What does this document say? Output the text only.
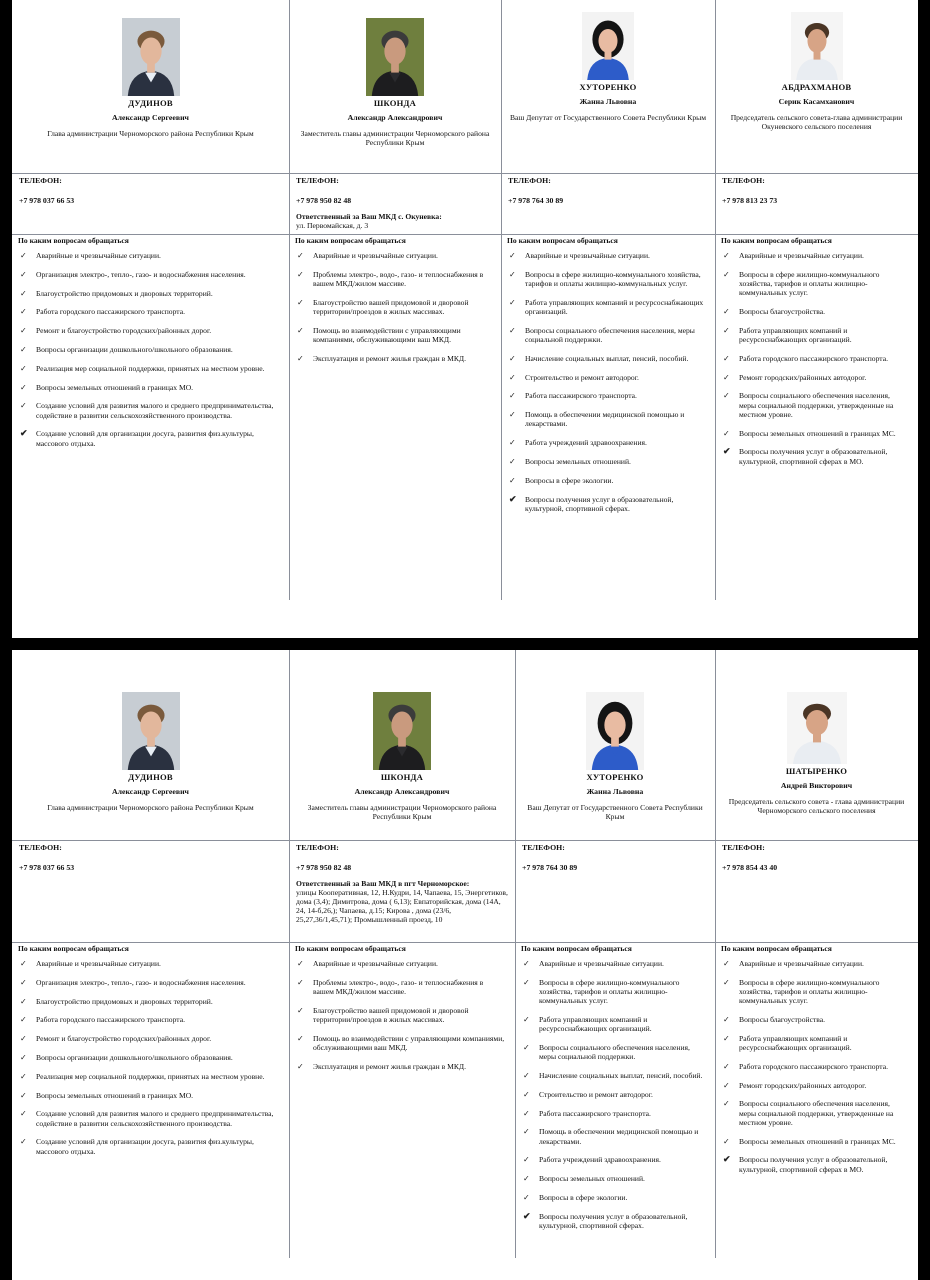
ДУДИНОВ
Александр Сергеевич
Глава администрации Черноморского района Республики Крым
ТЕЛЕФОН:
+7 978 037 66 53
По каким вопросам обращаться
✓ Аварийные и чрезвычайные ситуации.
✓ Организация электро-, тепло-, газо- и водоснабжения населения.
✓ Благоустройство придомовых и дворовых территорий.
✓ Работа городского пассажирского транспорта.
✓ Ремонт и благоустройство городских/районных дорог.
✓ Вопросы организации дошкольного/школьного образования.
✓ Реализация мер социальной поддержки, принятых на местном уровне.
✓ Вопросы земельных отношений в границах МО.
✓ Создание условий для развития малого и среднего предпринимательства, содействие в развитии сельскохозяйственного производства.
✔ Создание условий для организации досуга, развития физ.культуры, массового отдыха.
ШКОНДА
Александр Александрович
Заместитель главы администрации Черноморского района Республики Крым
ТЕЛЕФОН:
+7 978 950 82 48
Ответственный за Ваш МКД с. Окуневка:
ул. Первомайская, д. 3
По каким вопросам обращаться
✓ Аварийные и чрезвычайные ситуации.
✓ Проблемы электро-, водо-, газо- и теплоснабжения в вашем МКД/жилом массиве.
✓ Благоустройство вашей придомовой и дворовой территории/проездов в жилых массивах.
✓ Помощь во взаимодействии с управляющими компаниями, обслуживающими ваш МКД.
✓ Эксплуатация и ремонт жилья граждан в МКД.
ХУТОРЕНКО
Жанна Львовна
Ваш Депутат от Государственного Совета Республики Крым
ТЕЛЕФОН:
+7 978 764 30 89
По каким вопросам обращаться
✓ Аварийные и чрезвычайные ситуации.
✓ Вопросы в сфере жилищно-коммунального хозяйства, тарифов и оплаты жилищно-коммунальных услуг.
✓ Работа управляющих компаний и ресурсоснабжающих организаций.
✓ Вопросы социального обеспечения населения, меры социальной поддержки.
✓ Начисление социальных выплат, пенсий, пособий.
✓ Строительство и ремонт автодорог.
✓ Работа пассажирского транспорта.
✓ Помощь в обеспечении медицинской помощью и лекарствами.
✓ Работа учреждений здравоохранения.
✓ Вопросы земельных отношений.
✓ Вопросы в сфере экологии.
✔ Вопросы получения услуг в образовательной, культурной, спортивной сферах.
АБДРАХМАНОВ
Серик Касамханович
Председатель сельского совета-глава администрации Окуневского сельского поселения
ТЕЛЕФОН:
+7 978 813 23 73
По каким вопросам обращаться
✓ Аварийные и чрезвычайные ситуации.
✓ Вопросы в сфере жилищно-коммунального хозяйства, тарифов и оплаты жилищно-коммунальных услуг.
✓ Вопросы благоустройства.
✓ Работа управляющих компаний и ресурсоснабжающих организаций.
✓ Работа городского пассажирского транспорта.
✓ Ремонт городских/районных автодорог.
✓ Вопросы социального обеспечения населения, меры социальной поддержки, утвержденные на местном уровне.
✓ Вопросы земельных отношений в границах МС.
✔ Вопросы получения услуг в образовательной, культурной, спортивной сферах в МО.
ДУДИНОВ
Александр Сергеевич
Глава администрации Черноморского района Республики Крым
ТЕЛЕФОН:
+7 978 037 66 53
По каким вопросам обращаться
✓ Аварийные и чрезвычайные ситуации.
✓ Организация электро-, тепло-, газо- и водоснабжения населения.
✓ Благоустройство придомовых и дворовых территорий.
✓ Работа городского пассажирского транспорта.
✓ Ремонт и благоустройство городских/районных дорог.
✓ Вопросы организации дошкольного/школьного образования.
✓ Реализация мер социальной поддержки, принятых на местном уровне.
✓ Вопросы земельных отношений в границах МО.
✓ Создание условий для развития малого и среднего предпринимательства, содействие в развитии сельскохозяйственного производства.
✓ Создание условий для организации досуга, развития физ.культуры, массового отдыха.
ШКОНДА
Александр Александрович
Заместитель главы администрации Черноморского района Республики Крым
ТЕЛЕФОН:
+7 978 950 82 48
Ответственный за Ваш МКД в пгт Черноморское:
улицы Кооперативная, 12, Н.Кудри, 14, Чапаева, 15, Энергетиков, дома (3,4); Димитрова, дома ( 6,13); Евпаторийская, дома (14А, 24, 14-б,26,); Чапаева, д.15; Кирова , дома (23/6, 25,27,36/1,45,71); Промышленный проезд, 10
По каким вопросам обращаться
✓ Аварийные и чрезвычайные ситуации.
✓ Проблемы электро-, водо-, газо- и теплоснабжения в вашем МКД/жилом массиве.
✓ Благоустройство вашей придомовой и дворовой территории/проездов в жилых массивах.
✓ Помощь во взаимодействии с управляющими компаниями, обслуживающими ваш МКД.
✓ Эксплуатация и ремонт жилья граждан в МКД.
ХУТОРЕНКО
Жанна Львовна
Ваш Депутат от Государственного Совета Республики Крым
ТЕЛЕФОН:
+7 978 764 30 89
По каким вопросам обращаться
✓ Аварийные и чрезвычайные ситуации.
✓ Вопросы в сфере жилищно-коммунального хозяйства, тарифов и оплаты жилищно-коммунальных услуг.
✓ Работа управляющих компаний и ресурсоснабжающих организаций.
✓ Вопросы социального обеспечения населения, меры социальной поддержки.
✓ Начисление социальных выплат, пенсий, пособий.
✓ Строительство и ремонт автодорог.
✓ Работа пассажирского транспорта.
✓ Помощь в обеспечении медицинской помощью и лекарствами.
✓ Работа учреждений здравоохранения.
✓ Вопросы земельных отношений.
✓ Вопросы в сфере экологии.
✔ Вопросы получения услуг в образовательной, культурной, спортивной сферах.
ШАТЫРЕНКО
Андрей Викторович
Председатель сельского совета - глава администрации Черноморского сельского поселения
ТЕЛЕФОН:
+7 978 854 43 40
По каким вопросам обращаться
✓ Аварийные и чрезвычайные ситуации.
✓ Вопросы в сфере жилищно-коммунального хозяйства, тарифов и оплаты жилищно-коммунальных услуг.
✓ Вопросы благоустройства.
✓ Работа управляющих компаний и ресурсоснабжающих организаций.
✓ Работа городского пассажирского транспорта.
✓ Ремонт городских/районных автодорог.
✓ Вопросы социального обеспечения населения, меры социальной поддержки, утвержденные на местном уровне.
✓ Вопросы земельных отношений в границах МС.
✔ Вопросы получения услуг в образовательной, культурной, спортивной сферах в МО.
